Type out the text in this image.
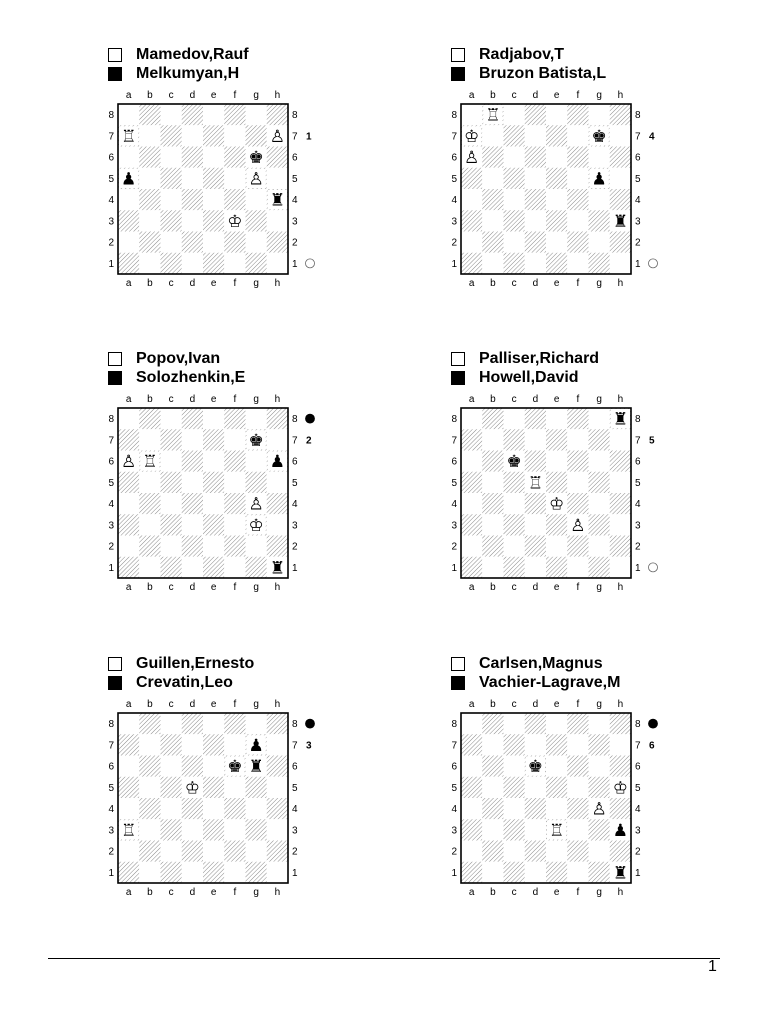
Mamedov,Rauf
Melkumyan,H
a
a
b
b
c
c
d
d
e
e
f
f
g
g
h
h
8	8
7	7
6	6
5	5
4	4
3	3
2	2
1	1
1
♖
♚
♙
♙
♟
♜
♔
Radjabov,T
Bruzon Batista,L
a
a
b
b
c
c
d
d
e
e
f
f
g
g
h
h
8	8
7	7
6	6
5	5
4	4
3	3
2	2
1	1
4
♖
♔	♚
♙
♟
♜
Popov,Ivan
Solozhenkin,E
a
a
b
b
c
c
d
d
e
e
f
f
g
g
h
h
8	8
7	7
6	6
5	5
4	4
3	3
2	2
1	1
2
♚
♙ ♖	♟
♙
♔
♜
Palliser,Richard
Howell,David
a
a
b
b
c
c
d
d
e
e
f
f
g
g
h
h
8	8
7	7
6	6
5	5
4	4
3	3
2	2
1	1
5
♜
♚
♖
♔
♙
Guillen,Ernesto
Crevatin,Leo
a
a
b
b
c
c
d
d
e
e
f
f
g
g
h
h
8	8
7	7
6	6
5	5
4	4
3	3
2	2
1	1
3
♟
♚ ♜
♔
♖
Carlsen,Magnus
Vachier-Lagrave,M
a
a
b
b
c
c
d
d
e
e
f
f
g
g
h
h
8	8
7	7
6	6
5	5
4	4
3	3
2	2
1	1
6
♚
♔
♙
♖	♟
♜
1
